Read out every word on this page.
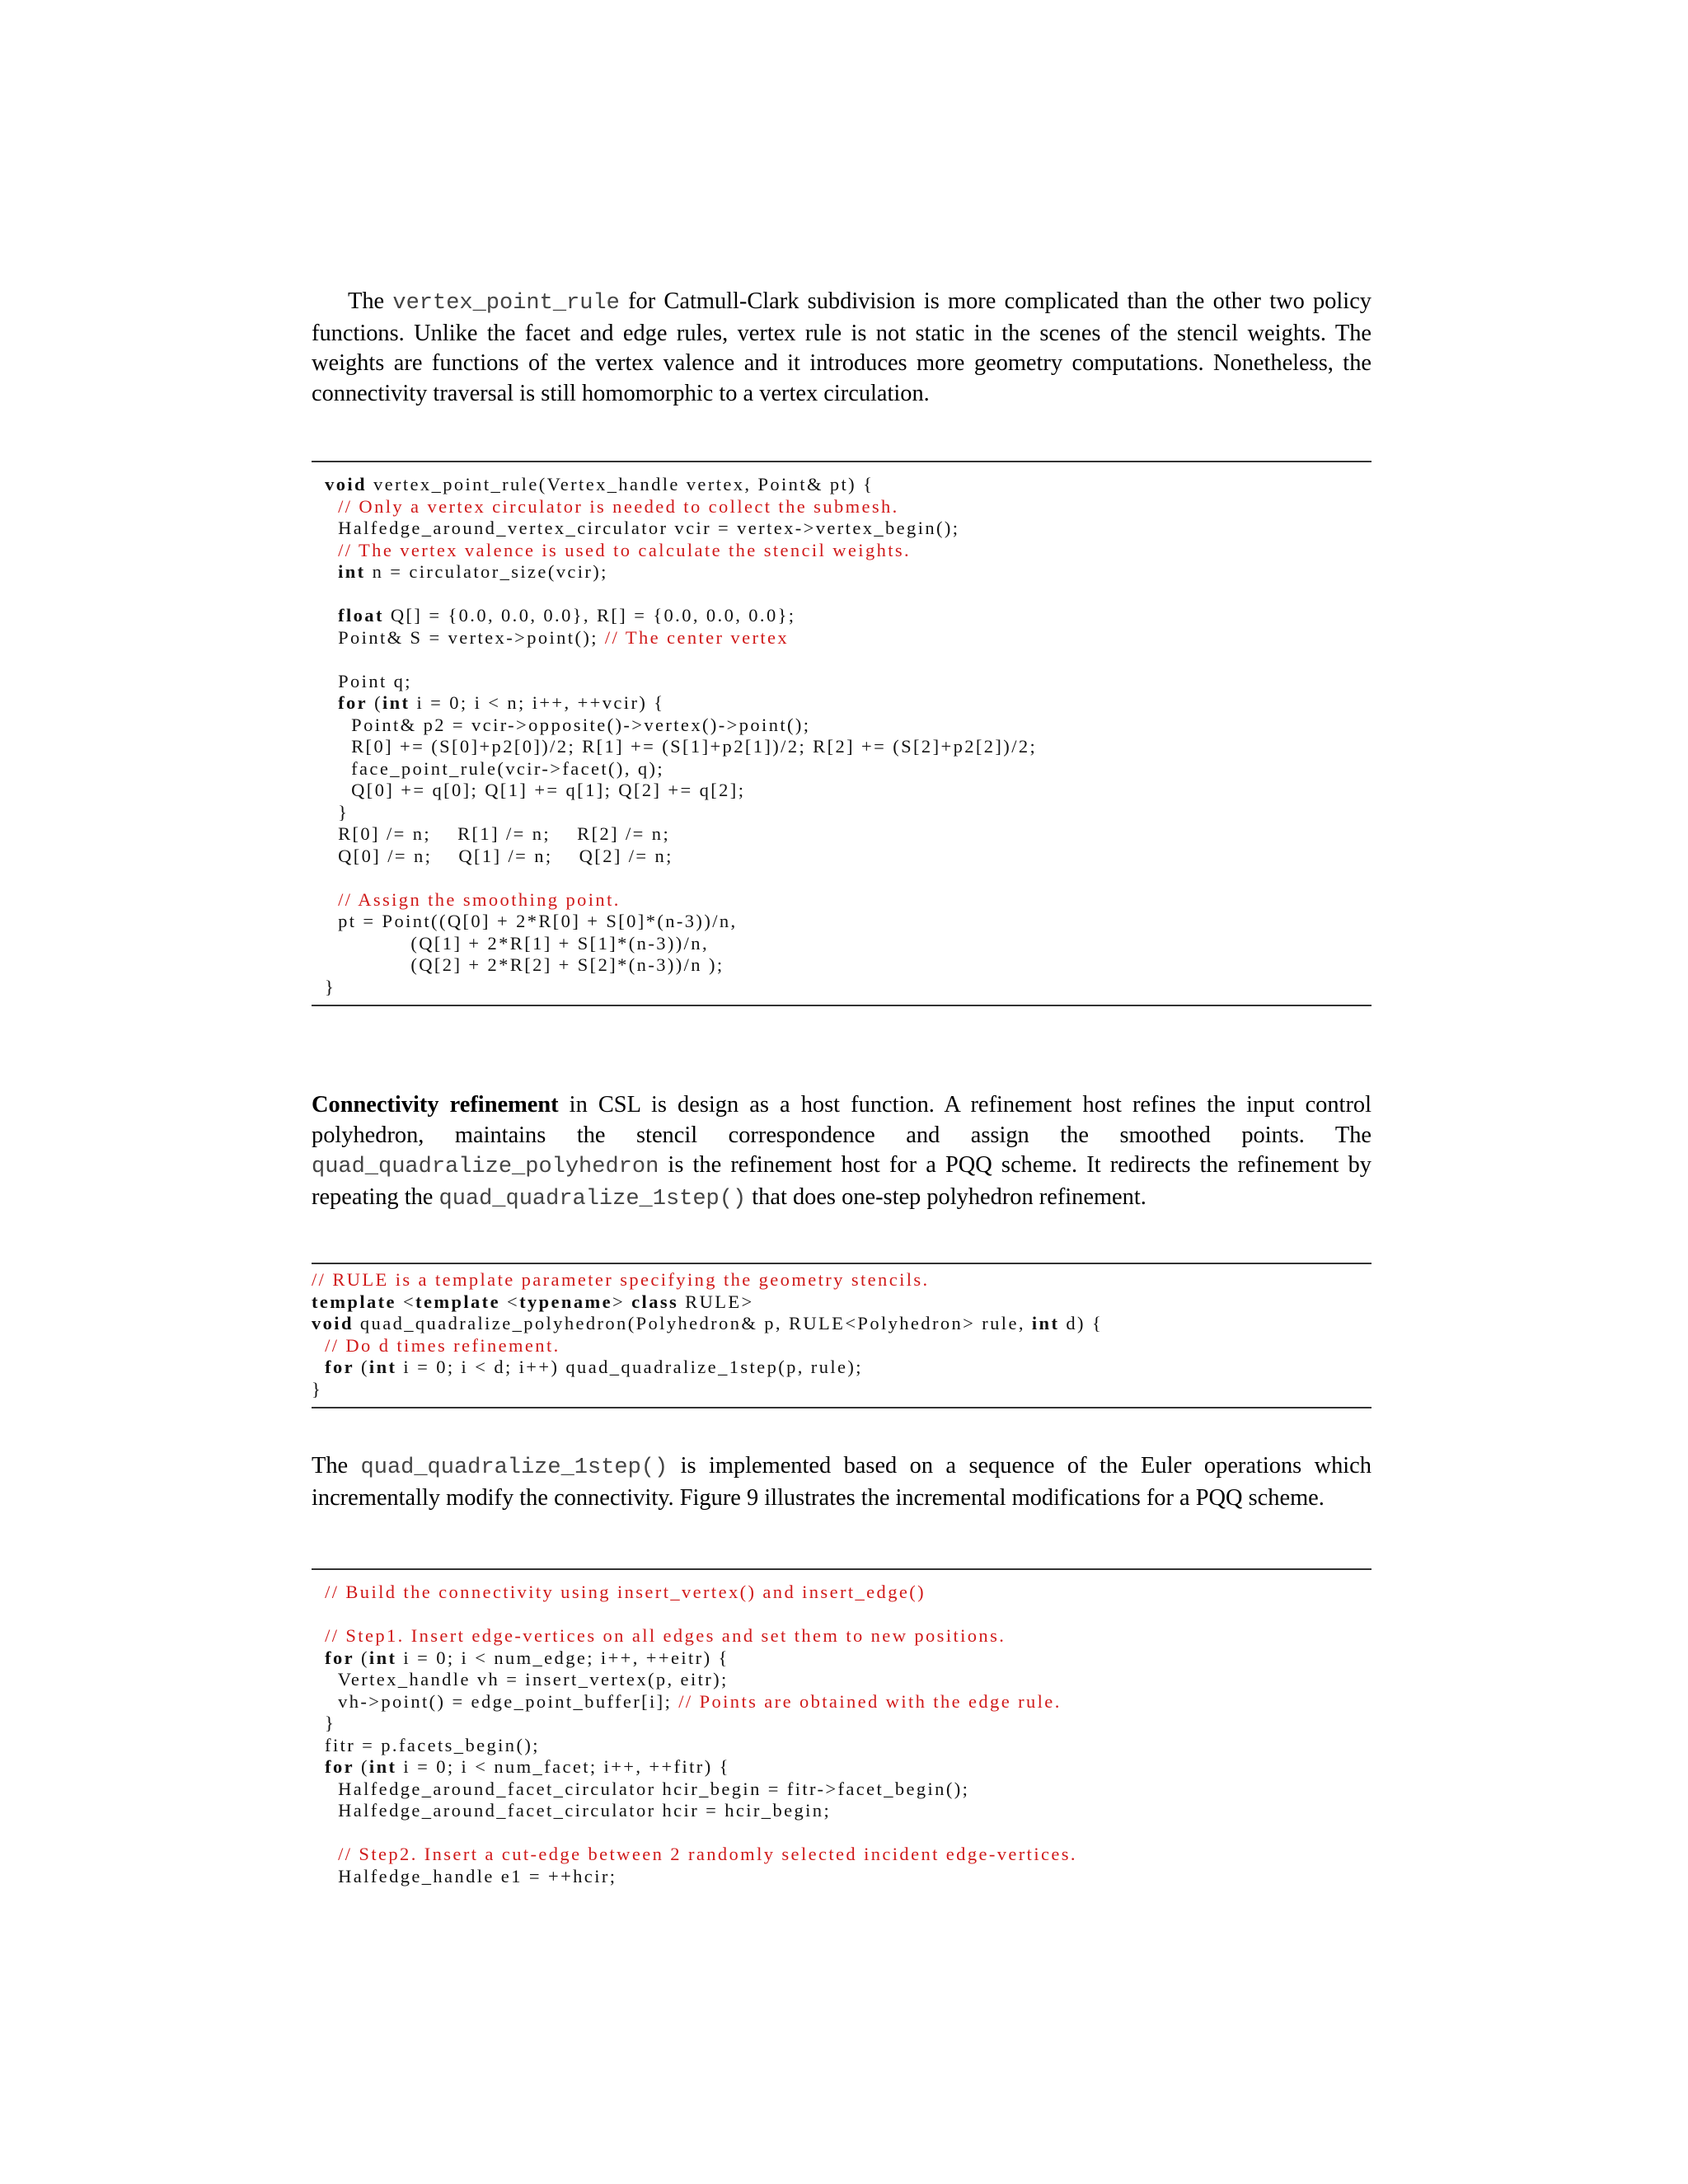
The vertex_point_rule for Catmull-Clark subdivision is more complicated than the other two policy functions. Unlike the facet and edge rules, vertex rule is not static in the scenes of the stencil weights. The weights are functions of the vertex valence and it introduces more geometry computations. Nonetheless, the connectivity traversal is still homomorphic to a vertex circulation.

void vertex_point_rule(Vertex_handle vertex, Point& pt) {
// Only a vertex circulator is needed to collect the submesh.
Halfedge_around_vertex_circulator vcir = vertex->vertex_begin();
// The vertex valence is used to calculate the stencil weights.
int n = circulator_size(vcir);
float Q[] = {0.0, 0.0, 0.0}, R[] = {0.0, 0.0, 0.0};
Point& S = vertex->point(); // The center vertex
Point q;
for (int i = 0; i < n; i++, ++vcir) {
Point& p2 = vcir->opposite()->vertex()->point();
R[0] += (S[0]+p2[0])/2; R[1] += (S[1]+p2[1])/2; R[2] += (S[2]+p2[2])/2;
face_point_rule(vcir->facet(), q);
Q[0] += q[0]; Q[1] += q[1]; Q[2] += q[2];
}
R[0] /= n;    R[1] /= n;    R[2] /= n;
Q[0] /= n;    Q[1] /= n;    Q[2] /= n;
// Assign the smoothing point.
pt = Point((Q[0] + 2*R[0] + S[0]*(n-3))/n,
(Q[1] + 2*R[1] + S[1]*(n-3))/n,
(Q[2] + 2*R[2] + S[2]*(n-3))/n );
}

Connectivity refinement in CSL is design as a host function. A refinement host refines the input control polyhedron, maintains the stencil correspondence and assign the smoothed points. The quad_quadralize_polyhedron is the refinement host for a PQQ scheme. It redirects the refinement by repeating the quad_quadralize_1step() that does one-step polyhedron refinement.

// RULE is a template parameter specifying the geometry stencils.
template <template <typename> class RULE>
void quad_quadralize_polyhedron(Polyhedron& p, RULE<Polyhedron> rule, int d) {
// Do d times refinement.
for (int i = 0; i < d; i++) quad_quadralize_1step(p, rule);
}

The quad_quadralize_1step() is implemented based on a sequence of the Euler operations which incrementally modify the connectivity. Figure 9 illustrates the incremental modifications for a PQQ scheme.

// Build the connectivity using insert_vertex() and insert_edge()
// Step1. Insert edge-vertices on all edges and set them to new positions.
for (int i = 0; i < num_edge; i++, ++eitr) {
Vertex_handle vh = insert_vertex(p, eitr);
vh->point() = edge_point_buffer[i]; // Points are obtained with the edge rule.
}
fitr = p.facets_begin();
for (int i = 0; i < num_facet; i++, ++fitr) {
Halfedge_around_facet_circulator hcir_begin = fitr->facet_begin();
Halfedge_around_facet_circulator hcir = hcir_begin;
// Step2. Insert a cut-edge between 2 randomly selected incident edge-vertices.
Halfedge_handle e1 = ++hcir;
